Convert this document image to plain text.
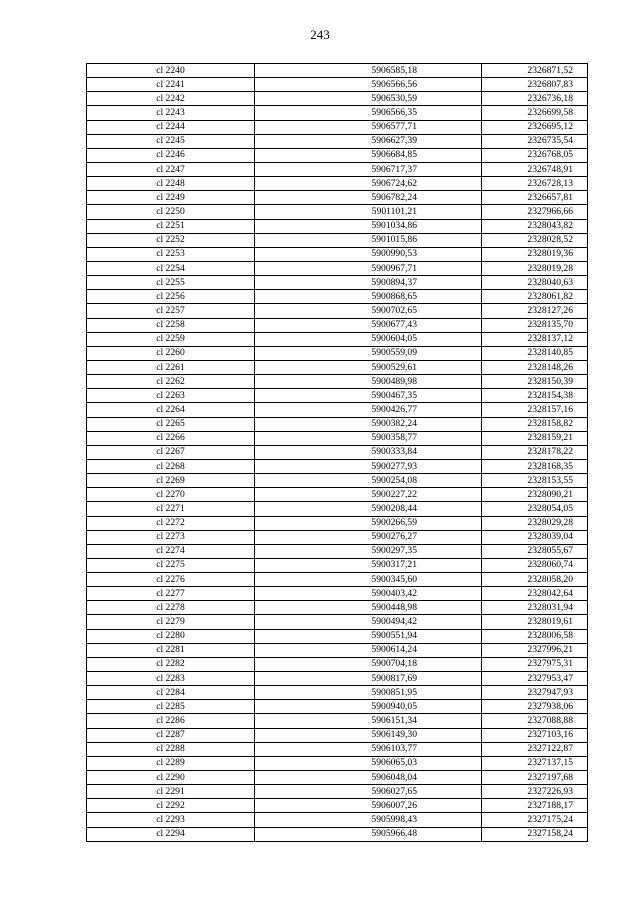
243
cl 2240	5906585,18	2326871,52
cl 2241	5906566,56	2326807,83
cl 2242	5906530,59	2326736,18
cl 2243	5906566,35	2326699,58
cl 2244	5906577,71	2326695,12
cl 2245	5906627,39	2326735,54
cl 2246	5906684,85	2326768,05
cl 2247	5906717,37	2326748,91
cl 2248	5906724,62	2326728,13
cl 2249	5906782,24	2326657,81
cl 2250	5901101,21	2327966,66
cl 2251	5901034,86	2328043,82
cl 2252	5901015,86	2328028,52
cl 2253	5900990,53	2328019,36
cl 2254	5900967,71	2328019,28
cl 2255	5900894,37	2328040,63
cl 2256	5900868,65	2328061,82
cl 2257	5900702,65	2328127,26
cl 2258	5900677,43	2328135,70
cl 2259	5900604,05	2328137,12
cl 2260	5900559,09	2328140,85
cl 2261	5900529,61	2328148,26
cl 2262	5900489,98	2328150,39
cl 2263	5900467,35	2328154,38
cl 2264	5900426,77	2328157,16
cl 2265	5900382,24	2328158,82
cl 2266	5900358,77	2328159,21
cl 2267	5900333,84	2328178,22
cl 2268	5900277,93	2328168,35
cl 2269	5900254,08	2328153,55
cl 2270	5900227,22	2328090,21
cl 2271	5900208,44	2328054,05
cl 2272	5900266,59	2328029,28
cl 2273	5900276,27	2328039,04
cl 2274	5900297,35	2328055,67
cl 2275	5900317,21	2328060,74
cl 2276	5900345,60	2328058,20
cl 2277	5900403,42	2328042,64
cl 2278	5900448,98	2328031,94
cl 2279	5900494,42	2328019,61
cl 2280	5900551,94	2328006,58
cl 2281	5900614,24	2327996,21
cl 2282	5900704,18	2327975,31
cl 2283	5900817,69	2327953,47
cl 2284	5900851,95	2327947,93
cl 2285	5900940,05	2327938,06
cl 2286	5906151,34	2327088,88
cl 2287	5906149,30	2327103,16
cl 2288	5906103,77	2327122,87
cl 2289	5906065,03	2327137,15
cl 2290	5906048,04	2327197,68
cl 2291	5906027,65	2327226,93
cl 2292	5906007,26	2327188,17
cl 2293	5905998,43	2327175,24
cl 2294	5905966,48	2327158,24
